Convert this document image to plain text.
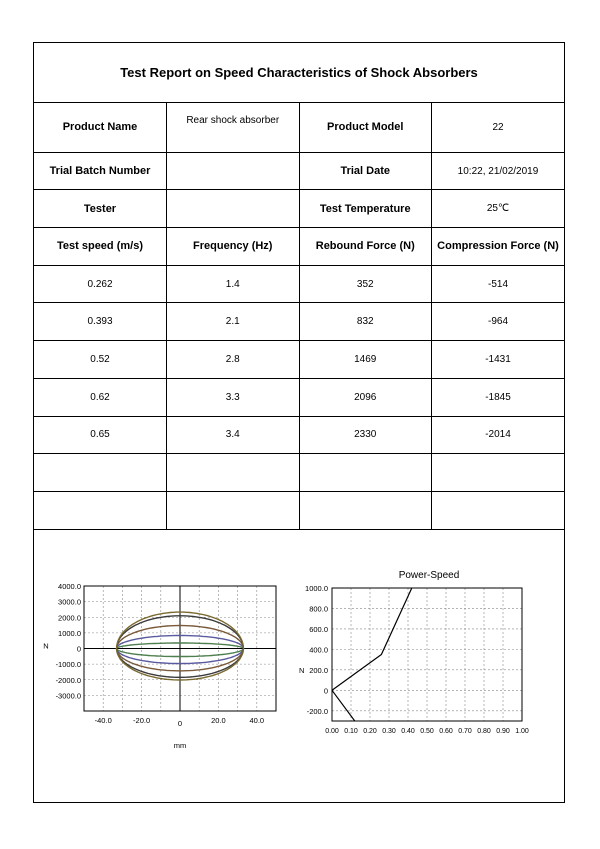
Test Report on Speed Characteristics of Shock Absorbers
Product Name	Rear shock absorber	Product Model	22
Trial Batch Number		Trial Date	10:22, 21/02/2019
Tester		Test Temperature	25℃
Test speed (m/s)	Frequency (Hz)	Rebound Force (N)	Compression Force (N)
0.262	1.4	352	-514
0.393	2.1	832	-964
0.52	2.8	1469	-1431
0.62	3.3	2096	-1845
0.65	3.4	2330	-2014

4000.0
3000.0
2000.0
1000.0
0
-1000.0
-2000.0
-3000.0
-40.0	-20.0	0	20.0	40.0
N
mm
Power-Speed
1000.0
800.0
600.0
400.0
200.0
0
-200.0
0.00 0.10 0.20 0.30 0.40 0.50 0.60 0.70 0.80 0.90 1.00
N
